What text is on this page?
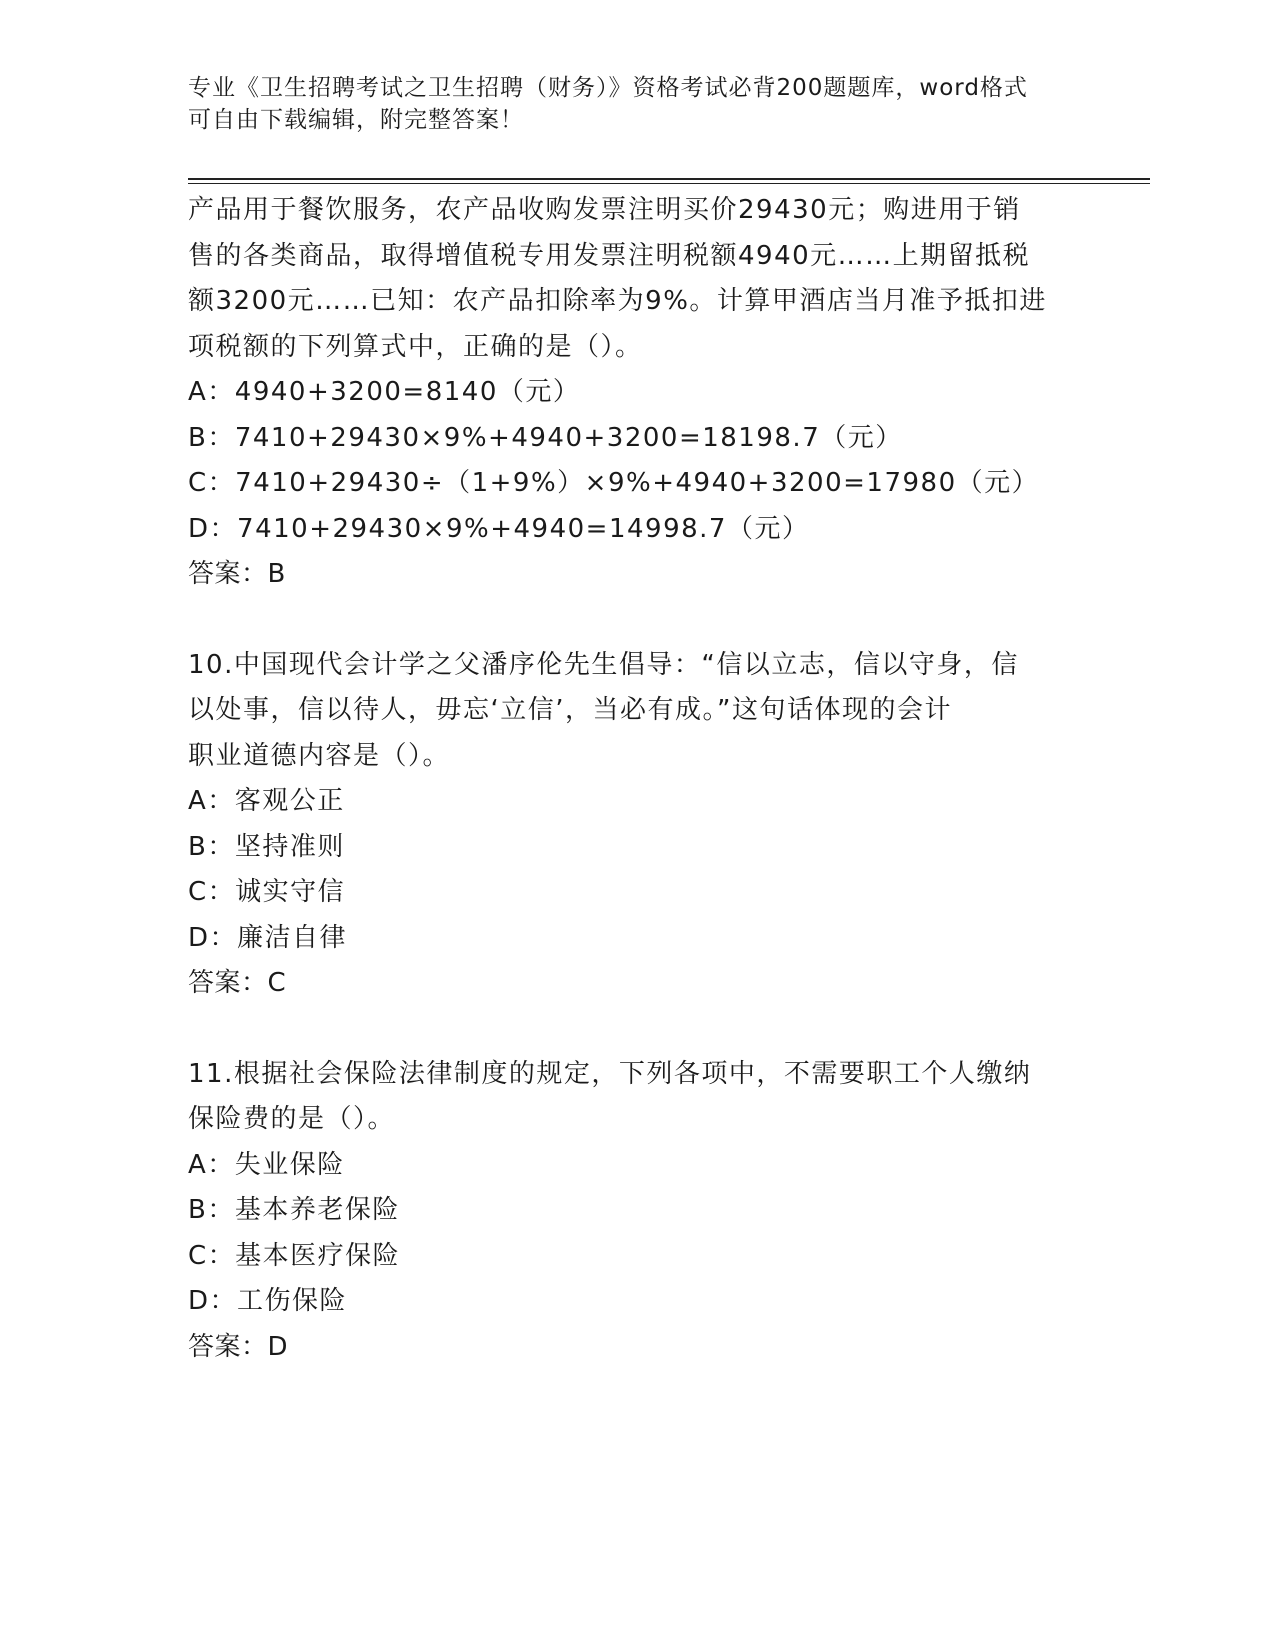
专业《卫生招聘考试之卫生招聘（财务）》资格考试必背200题题库，word格式
可自由下载编辑，附完整答案！
产品用于餐饮服务，农产品收购发票注明买价29430元；购进用于销
售的各类商品，取得增值税专用发票注明税额4940元……上期留抵税
额3200元……已知：农产品扣除率为9%。计算甲酒店当月准予抵扣进
项税额的下列算式中，正确的是（）。
A：4940+3200=8140（元）
B：7410+29430×9%+4940+3200=18198.7（元）
C：7410+29430÷（1+9%）×9%+4940+3200=17980（元）
D：7410+29430×9%+4940=14998.7（元）
答案：B
10.中国现代会计学之父潘序伦先生倡导：“信以立志，信以守身，信
以处事，信以待人，毋忘‘立信’，当必有成。”这句话体现的会计
职业道德内容是（）。
A：客观公正
B：坚持准则
C：诚实守信
D：廉洁自律
答案：C
11.根据社会保险法律制度的规定，下列各项中，不需要职工个人缴纳
保险费的是（）。
A：失业保险
B：基本养老保险
C：基本医疗保险
D：工伤保险
答案：D
